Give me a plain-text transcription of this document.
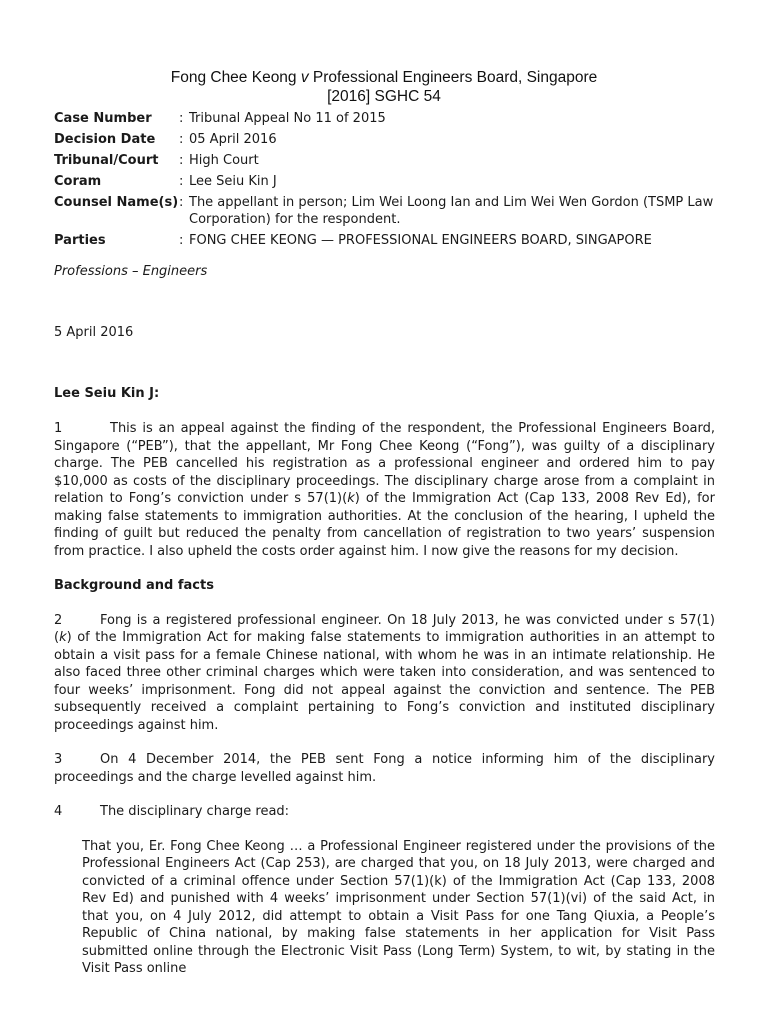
Fong Chee Keong v Professional Engineers Board, Singapore
[2016] SGHC 54
Case Number	: Tribunal Appeal No 11 of 2015
Decision Date	: 05 April 2016
Tribunal/Court	: High Court
Coram	: Lee Seiu Kin J
Counsel Name(s) : The appellant in person; Lim Wei Loong Ian and Lim Wei Wen Gordon (TSMP Law Corporation) for the respondent.
Parties	: FONG CHEE KEONG — PROFESSIONAL ENGINEERS BOARD, SINGAPORE
Professions – Engineers
5 April 2016
Lee Seiu Kin J:

1	This is an appeal against the finding of the respondent, the Professional Engineers Board, Singapore (“PEB”), that the appellant, Mr Fong Chee Keong (“Fong”), was guilty of a disciplinary charge. The PEB cancelled his registration as a professional engineer and ordered him to pay $10,000 as costs of the disciplinary proceedings. The disciplinary charge arose from a complaint in relation to Fong’s conviction under s 57(1)(k) of the Immigration Act (Cap 133, 2008 Rev Ed), for making false statements to immigration authorities. At the conclusion of the hearing, I upheld the finding of guilt but reduced the penalty from cancellation of registration to two years’ suspension from practice. I also upheld the costs order against him. I now give the reasons for my decision.

Background and facts

2	Fong is a registered professional engineer. On 18 July 2013, he was convicted under s 57(1)(k) of the Immigration Act for making false statements to immigration authorities in an attempt to obtain a visit pass for a female Chinese national, with whom he was in an intimate relationship. He also faced three other criminal charges which were taken into consideration, and was sentenced to four weeks’ imprisonment. Fong did not appeal against the conviction and sentence. The PEB subsequently received a complaint pertaining to Fong’s conviction and instituted disciplinary proceedings against him.

3	On 4 December 2014, the PEB sent Fong a notice informing him of the disciplinary proceedings and the charge levelled against him.

4	The disciplinary charge read:

That you, Er. Fong Chee Keong … a Professional Engineer registered under the provisions of the Professional Engineers Act (Cap 253), are charged that you, on 18 July 2013, were charged and convicted of a criminal offence under Section 57(1)(k) of the Immigration Act (Cap 133, 2008 Rev Ed) and punished with 4 weeks’ imprisonment under Section 57(1)(vi) of the said Act, in that you, on 4 July 2012, did attempt to obtain a Visit Pass for one Tang Qiuxia, a People’s Republic of China national, by making false statements in her application for Visit Pass submitted online through the Electronic Visit Pass (Long Term) System, to wit, by stating in the Visit Pass online
